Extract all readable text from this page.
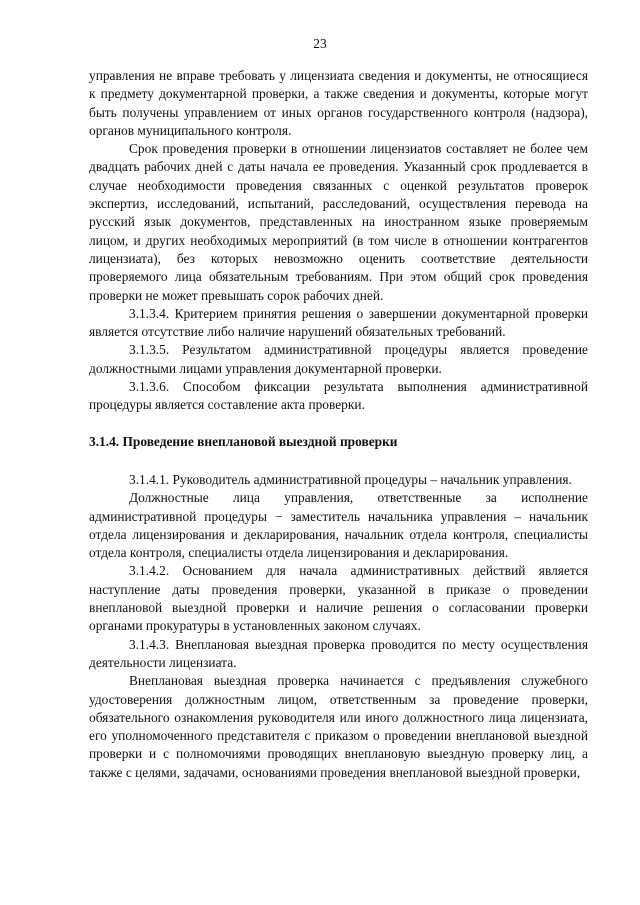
23

управления не вправе требовать у лицензиата сведения и документы, не относящиеся к предмету документарной проверки, а также сведения и документы, которые могут быть получены управлением от иных органов государственного контроля (надзора), органов муниципального контроля.

Срок проведения проверки в отношении лицензиатов составляет не более чем двадцать рабочих дней с даты начала ее проведения. Указанный срок продлевается в случае необходимости проведения связанных с оценкой результатов проверок экспертиз, исследований, испытаний, расследований, осуществления перевода на русский язык документов, представленных на иностранном языке проверяемым лицом, и других необходимых мероприятий (в том числе в отношении контрагентов лицензиата), без которых невозможно оценить соответствие деятельности проверяемого лица обязательным требованиям. При этом общий срок проведения проверки не может превышать сорок рабочих дней.

3.1.3.4. Критерием принятия решения о завершении документарной проверки является отсутствие либо наличие нарушений обязательных требований.

3.1.3.5. Результатом административной процедуры является проведение должностными лицами управления документарной проверки.

3.1.3.6. Способом фиксации результата выполнения административной процедуры является составление акта проверки.

3.1.4. Проведение внеплановой выездной проверки

3.1.4.1. Руководитель административной процедуры – начальник управления.

Должностные лица управления, ответственные за исполнение административной процедуры − заместитель начальника управления – начальник отдела лицензирования и декларирования, начальник отдела контроля, специалисты отдела контроля, специалисты отдела лицензирования и декларирования.

3.1.4.2. Основанием для начала административных действий является наступление даты проведения проверки, указанной в приказе о проведении внеплановой выездной проверки и наличие решения о согласовании проверки органами прокуратуры в установленных законом случаях.

3.1.4.3. Внеплановая выездная проверка проводится по месту осуществления деятельности лицензиата.

Внеплановая выездная проверка начинается с предъявления служебного удостоверения должностным лицом, ответственным за проведение проверки, обязательного ознакомления руководителя или иного должностного лица лицензиата, его уполномоченного представителя с приказом о проведении внеплановой выездной проверки и с полномочиями проводящих внеплановую выездную проверку лиц, а также с целями, задачами, основаниями проведения внеплановой выездной проверки,
